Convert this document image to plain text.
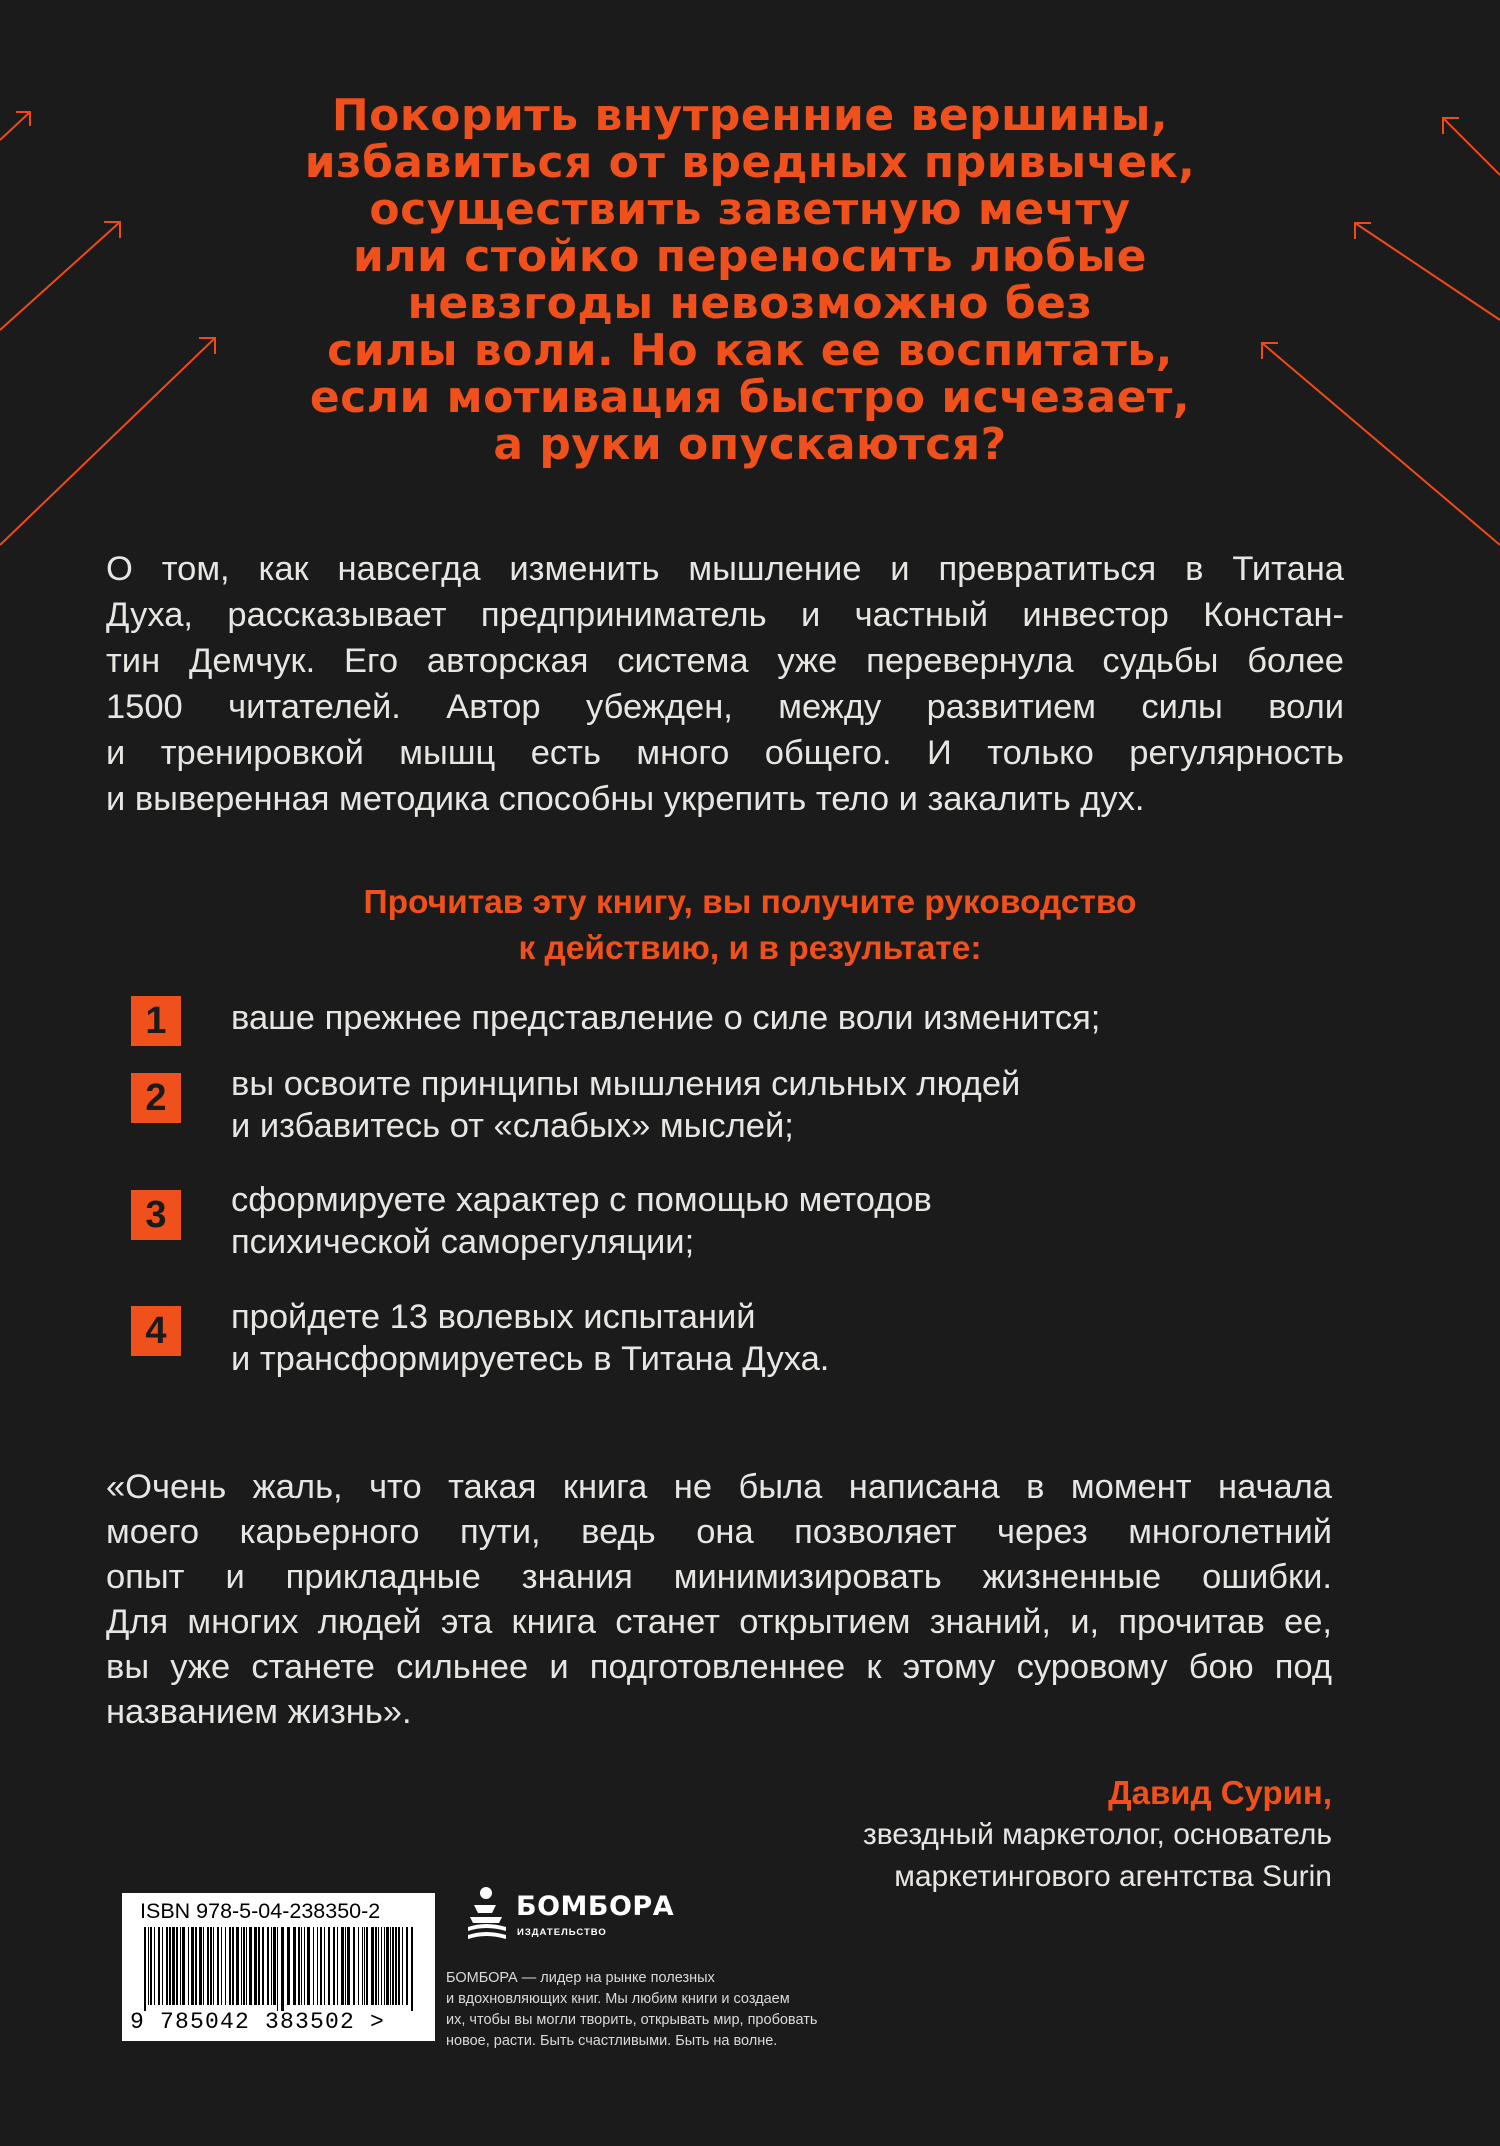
Покорить внутренние вершины,
избавиться от вредных привычек,
осуществить заветную мечту
или стойко переносить любые
невзгоды невозможно без
силы воли. Но как ее воспитать,
если мотивация быстро исчезает,
а руки опускаются?

О том, как навсегда изменить мышление и превратиться в Титана
Духа, рассказывает предприниматель и частный инвестор Констан-
тин Демчук. Его авторская система уже перевернула судьбы более
1500 читателей. Автор убежден, между развитием силы воли
и тренировкой мышц есть много общего. И только регулярность
и выверенная методика способны укрепить тело и закалить дух.

Прочитав эту книгу, вы получите руководство
к действию, и в результате:
1	ваше прежнее представление о силе воли изменится;
2	вы освоите принципы мышления сильных людей
и избавитесь от «слабых» мыслей;
3	сформируете характер с помощью методов
психической саморегуляции;
4	пройдете 13 волевых испытаний
и трансформируетесь в Титана Духа.

«Очень жаль, что такая книга не была написана в момент начала
моего карьерного пути, ведь она позволяет через многолетний
опыт и прикладные знания минимизировать жизненные ошибки.
Для многих людей эта книга станет открытием знаний, и, прочитав ее,
вы уже станете сильнее и подготовленнее к этому суровому бою под
названием жизнь».

Давид Сурин,
звездный маркетолог, основатель
маркетингового агентства Surin

ISBN 978-5-04-238350-2
9 785042 383502 >
БОМБОРА
ИЗДАТЕЛЬСТВО

БОМБОРА — лидер на рынке полезных
и вдохновляющих книг. Мы любим книги и создаем
их, чтобы вы могли творить, открывать мир, пробовать
новое, расти. Быть счастливыми. Быть на волне.
